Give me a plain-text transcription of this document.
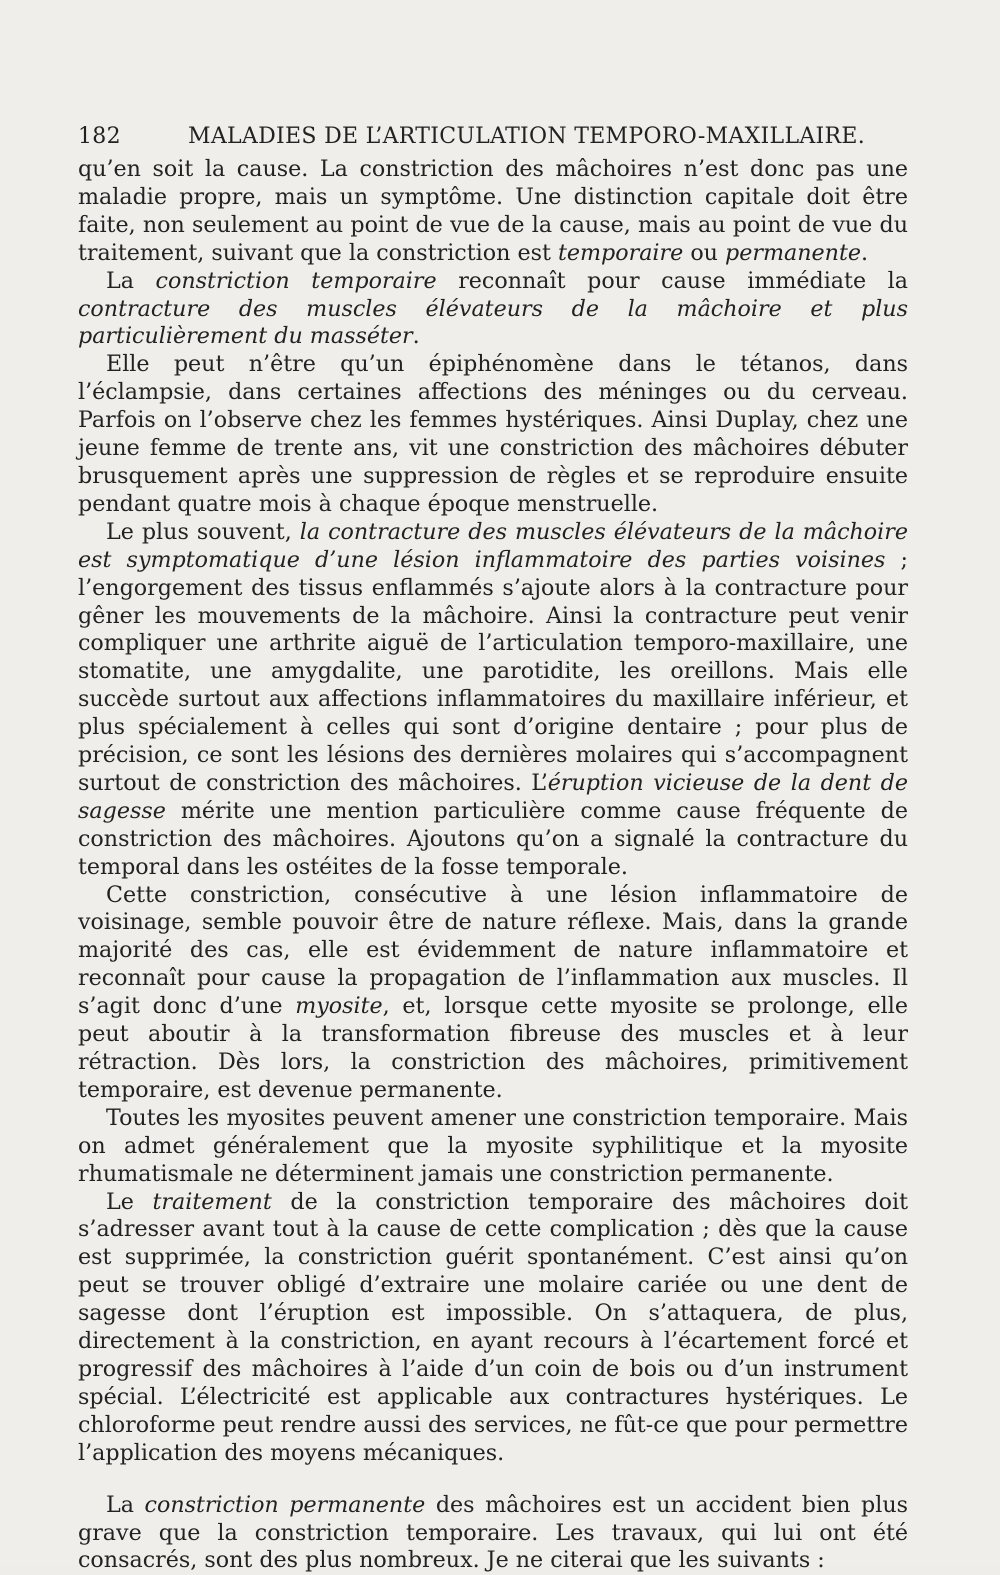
182	MALADIES DE L’ARTICULATION TEMPORO-MAXILLAIRE.

qu’en soit la cause. La constriction des mâchoires n’est donc pas une maladie propre, mais un symptôme. Une distinction capitale doit être faite, non seulement au point de vue de la cause, mais au point de vue du traitement, suivant que la constriction est temporaire ou permanente.

La constriction temporaire reconnaît pour cause immédiate la contracture des muscles élévateurs de la mâchoire et plus particulièrement du masséter.

Elle peut n’être qu’un épiphénomène dans le tétanos, dans l’éclampsie, dans certaines affections des méninges ou du cerveau. Parfois on l’observe chez les femmes hystériques. Ainsi Duplay, chez une jeune femme de trente ans, vit une constriction des mâchoires débuter brusquement après une suppression de règles et se reproduire ensuite pendant quatre mois à chaque époque menstruelle.

Le plus souvent, la contracture des muscles élévateurs de la mâchoire est symptomatique d’une lésion inflammatoire des parties voisines ; l’engorgement des tissus enflammés s’ajoute alors à la contracture pour gêner les mouvements de la mâchoire. Ainsi la contracture peut venir compliquer une arthrite aiguë de l’articulation temporo-maxillaire, une stomatite, une amygdalite, une parotidite, les oreillons. Mais elle succède surtout aux affections inflammatoires du maxillaire inférieur, et plus spécialement à celles qui sont d’origine dentaire ; pour plus de précision, ce sont les lésions des dernières molaires qui s’accompagnent surtout de constriction des mâchoires. L’éruption vicieuse de la dent de sagesse mérite une mention particulière comme cause fréquente de constriction des mâchoires. Ajoutons qu’on a signalé la contracture du temporal dans les ostéites de la fosse temporale.

Cette constriction, consécutive à une lésion inflammatoire de voisinage, semble pouvoir être de nature réflexe. Mais, dans la grande majorité des cas, elle est évidemment de nature inflammatoire et reconnaît pour cause la propagation de l’inflammation aux muscles. Il s’agit donc d’une myosite, et, lorsque cette myosite se prolonge, elle peut aboutir à la transformation fibreuse des muscles et à leur rétraction. Dès lors, la constriction des mâchoires, primitivement temporaire, est devenue permanente.

Toutes les myosites peuvent amener une constriction temporaire. Mais on admet généralement que la myosite syphilitique et la myosite rhumatismale ne déterminent jamais une constriction permanente.

Le traitement de la constriction temporaire des mâchoires doit s’adresser avant tout à la cause de cette complication ; dès que la cause est supprimée, la constriction guérit spontanément. C’est ainsi qu’on peut se trouver obligé d’extraire une molaire cariée ou une dent de sagesse dont l’éruption est impossible. On s’attaquera, de plus, directement à la constriction, en ayant recours à l’écartement forcé et progressif des mâchoires à l’aide d’un coin de bois ou d’un instrument spécial. L’électricité est applicable aux contractures hystériques. Le chloroforme peut rendre aussi des services, ne fût-ce que pour permettre l’application des moyens mécaniques.

La constriction permanente des mâchoires est un accident bien plus grave que la constriction temporaire. Les travaux, qui lui ont été consacrés, sont des plus nombreux. Je ne citerai que les suivants :
